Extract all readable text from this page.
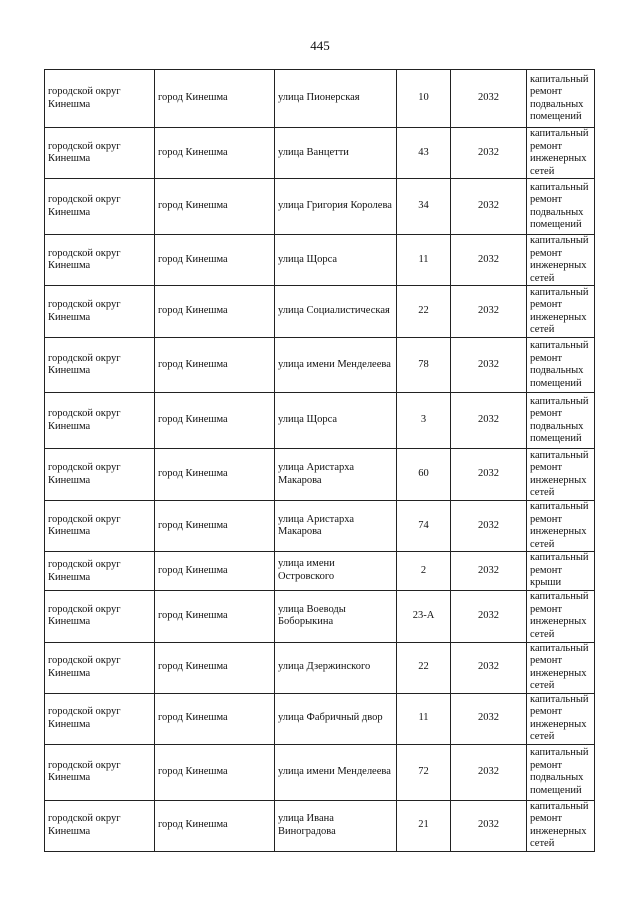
445
городской округ Кинешма	город Кинешма	улица Пионерская	10	2032	капитальный ремонт подвальных помещений
городской округ Кинешма	город Кинешма	улица Ванцетти	43	2032	капитальный ремонт инженерных сетей
городской округ Кинешма	город Кинешма	улица Григория Королева	34	2032	капитальный ремонт подвальных помещений
городской округ Кинешма	город Кинешма	улица Щорса	11	2032	капитальный ремонт инженерных сетей
городской округ Кинешма	город Кинешма	улица Социалистическая	22	2032	капитальный ремонт инженерных сетей
городской округ Кинешма	город Кинешма	улица имени Менделеева	78	2032	капитальный ремонт подвальных помещений
городской округ Кинешма	город Кинешма	улица Щорса	3	2032	капитальный ремонт подвальных помещений
городской округ Кинешма	город Кинешма	улица Аристарха Макарова	60	2032	капитальный ремонт инженерных сетей
городской округ Кинешма	город Кинешма	улица Аристарха Макарова	74	2032	капитальный ремонт инженерных сетей
городской округ Кинешма	город Кинешма	улица имени Островского	2	2032	капитальный ремонт крыши
городской округ Кинешма	город Кинешма	улица Воеводы Боборыкина	23-А	2032	капитальный ремонт инженерных сетей
городской округ Кинешма	город Кинешма	улица Дзержинского	22	2032	капитальный ремонт инженерных сетей
городской округ Кинешма	город Кинешма	улица Фабричный двор	11	2032	капитальный ремонт инженерных сетей
городской округ Кинешма	город Кинешма	улица имени Менделеева	72	2032	капитальный ремонт подвальных помещений
городской округ Кинешма	город Кинешма	улица Ивана Виноградова	21	2032	капитальный ремонт инженерных сетей
